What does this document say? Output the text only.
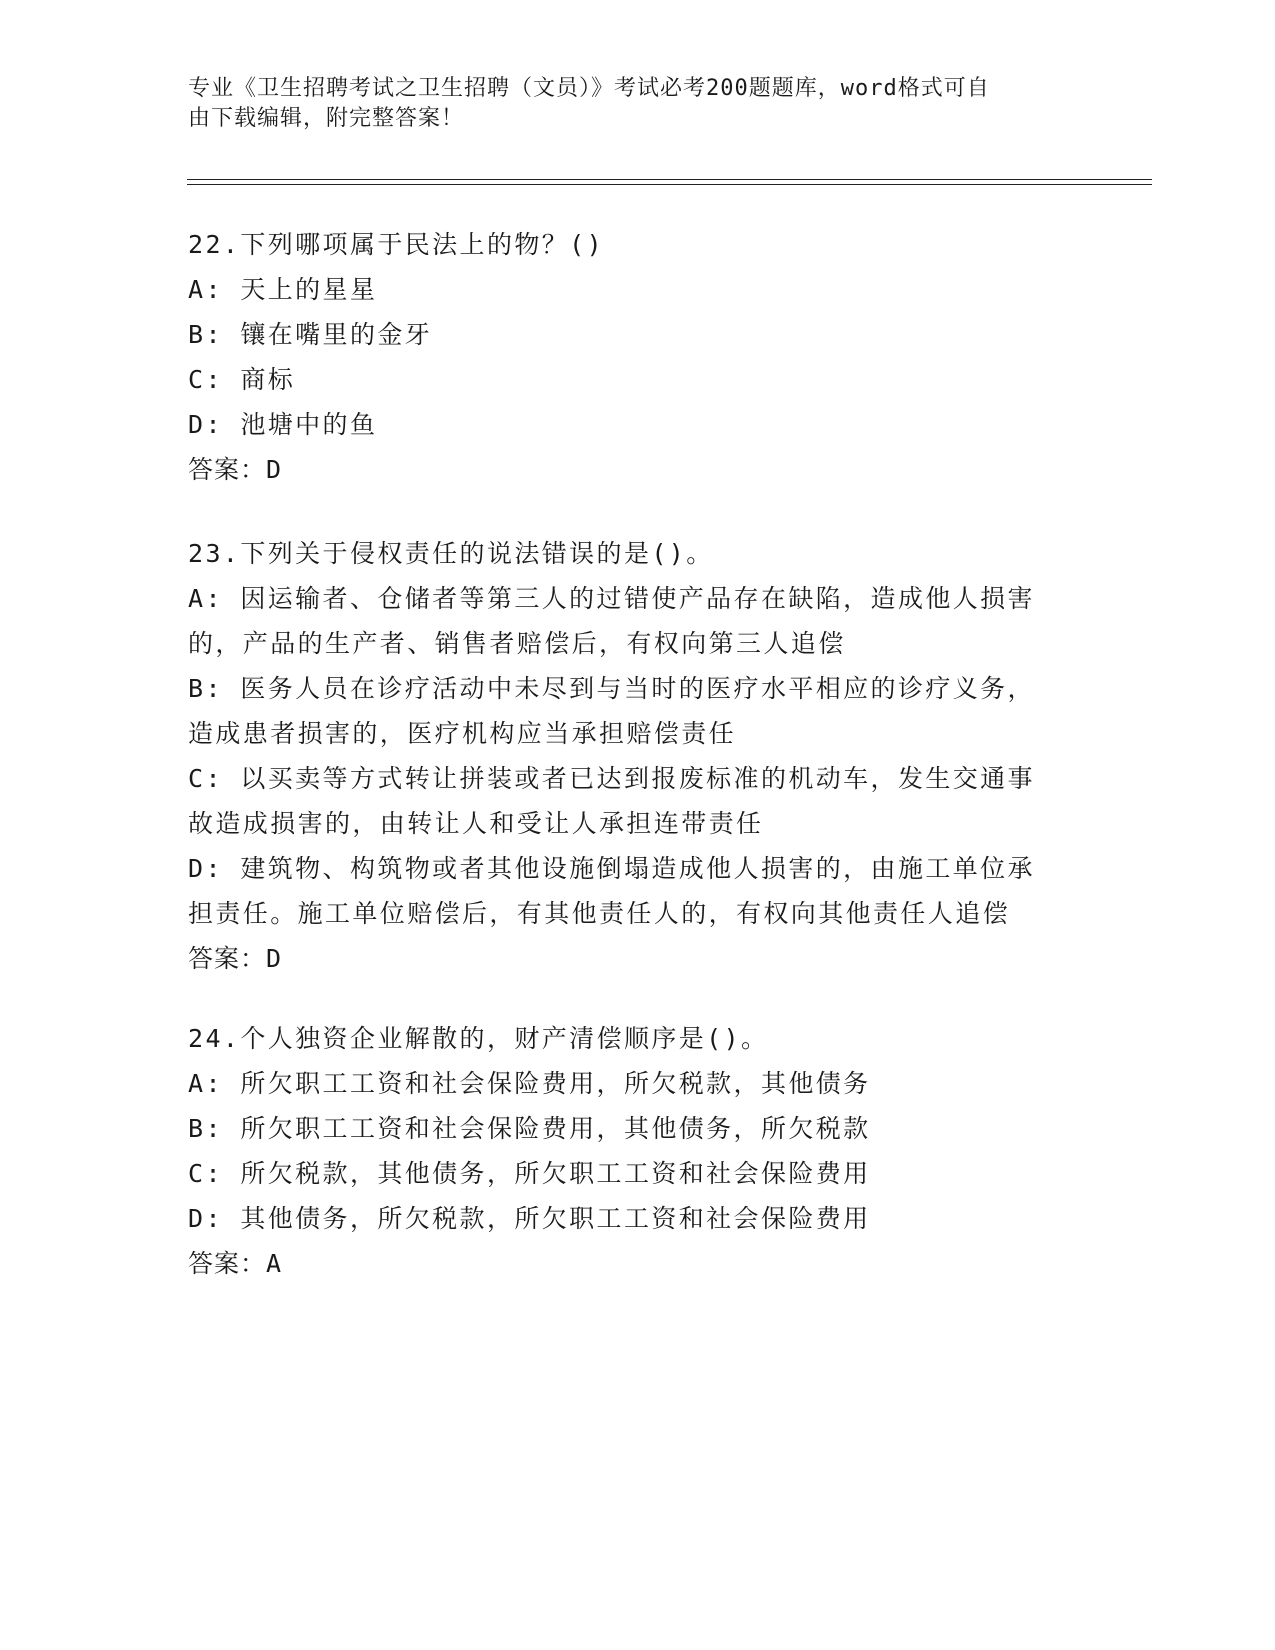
专业《卫生招聘考试之卫生招聘（文员）》考试必考200题题库，word格式可自
由下载编辑，附完整答案！
22.下列哪项属于民法上的物？()
A: 天上的星星
B: 镶在嘴里的金牙
C: 商标
D: 池塘中的鱼
答案：D
23.下列关于侵权责任的说法错误的是()。
A: 因运输者、仓储者等第三人的过错使产品存在缺陷，造成他人损害
的，产品的生产者、销售者赔偿后，有权向第三人追偿
B: 医务人员在诊疗活动中未尽到与当时的医疗水平相应的诊疗义务，
造成患者损害的，医疗机构应当承担赔偿责任
C: 以买卖等方式转让拼装或者已达到报废标准的机动车，发生交通事
故造成损害的，由转让人和受让人承担连带责任
D: 建筑物、构筑物或者其他设施倒塌造成他人损害的，由施工单位承
担责任。施工单位赔偿后，有其他责任人的，有权向其他责任人追偿
答案：D
24.个人独资企业解散的，财产清偿顺序是()。
A: 所欠职工工资和社会保险费用，所欠税款，其他债务
B: 所欠职工工资和社会保险费用，其他债务，所欠税款
C: 所欠税款，其他债务，所欠职工工资和社会保险费用
D: 其他债务，所欠税款，所欠职工工资和社会保险费用
答案：A
